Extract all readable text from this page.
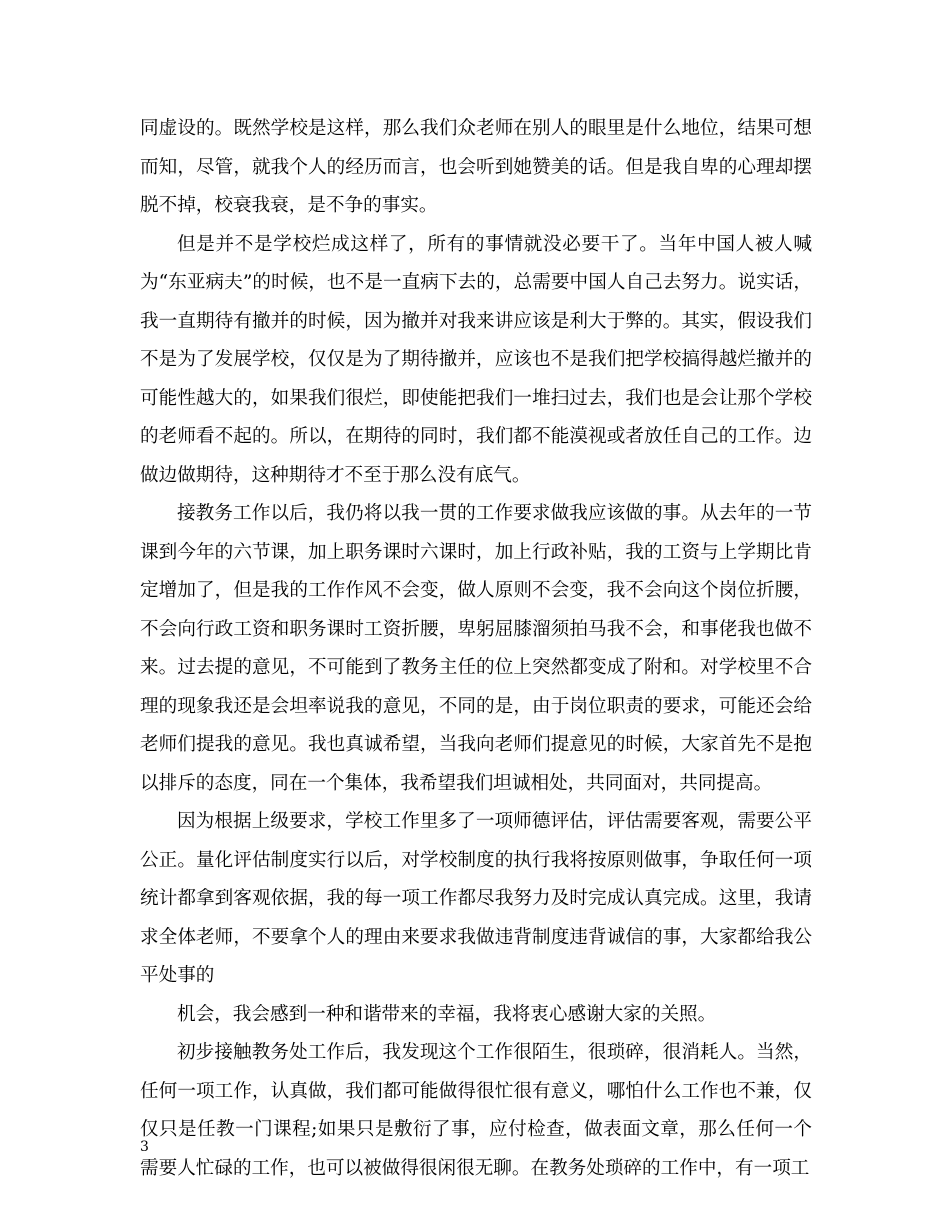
同虚设的。既然学校是这样，那么我们众老师在别人的眼里是什么地位，结果可想而知，尽管，就我个人的经历而言，也会听到她赞美的话。但是我自卑的心理却摆脱不掉，校衰我衰，是不争的事实。

但是并不是学校烂成这样了，所有的事情就没必要干了。当年中国人被人喊为“东亚病夫”的时候，也不是一直病下去的，总需要中国人自己去努力。说实话，我一直期待有撤并的时候，因为撤并对我来讲应该是利大于弊的。其实，假设我们不是为了发展学校，仅仅是为了期待撤并，应该也不是我们把学校搞得越烂撤并的可能性越大的，如果我们很烂，即使能把我们一堆扫过去，我们也是会让那个学校的老师看不起的。所以，在期待的同时，我们都不能漠视或者放任自己的工作。边做边做期待，这种期待才不至于那么没有底气。

接教务工作以后，我仍将以我一贯的工作要求做我应该做的事。从去年的一节课到今年的六节课，加上职务课时六课时，加上行政补贴，我的工资与上学期比肯定增加了，但是我的工作作风不会变，做人原则不会变，我不会向这个岗位折腰，不会向行政工资和职务课时工资折腰，卑躬屈膝溜须拍马我不会，和事佬我也做不来。过去提的意见，不可能到了教务主任的位上突然都变成了附和。对学校里不合理的现象我还是会坦率说我的意见，不同的是，由于岗位职责的要求，可能还会给老师们提我的意见。我也真诚希望，当我向老师们提意见的时候，大家首先不是抱以排斥的态度，同在一个集体，我希望我们坦诚相处，共同面对，共同提高。

因为根据上级要求，学校工作里多了一项师德评估，评估需要客观，需要公平公正。量化评估制度实行以后，对学校制度的执行我将按原则做事，争取任何一项统计都拿到客观依据，我的每一项工作都尽我努力及时完成认真完成。这里，我请求全体老师，不要拿个人的理由来要求我做违背制度违背诚信的事，大家都给我公平处事的

机会，我会感到一种和谐带来的幸福，我将衷心感谢大家的关照。

初步接触教务处工作后，我发现这个工作很陌生，很琐碎，很消耗人。当然，任何一项工作，认真做，我们都可能做得很忙很有意义，哪怕什么工作也不兼，仅仅只是任教一门课程;如果只是敷衍了事，应付检查，做表面文章，那么任何一个需要人忙碌的工作，也可以被做得很闲很无聊。在教务处琐碎的工作中，有一项工

3
